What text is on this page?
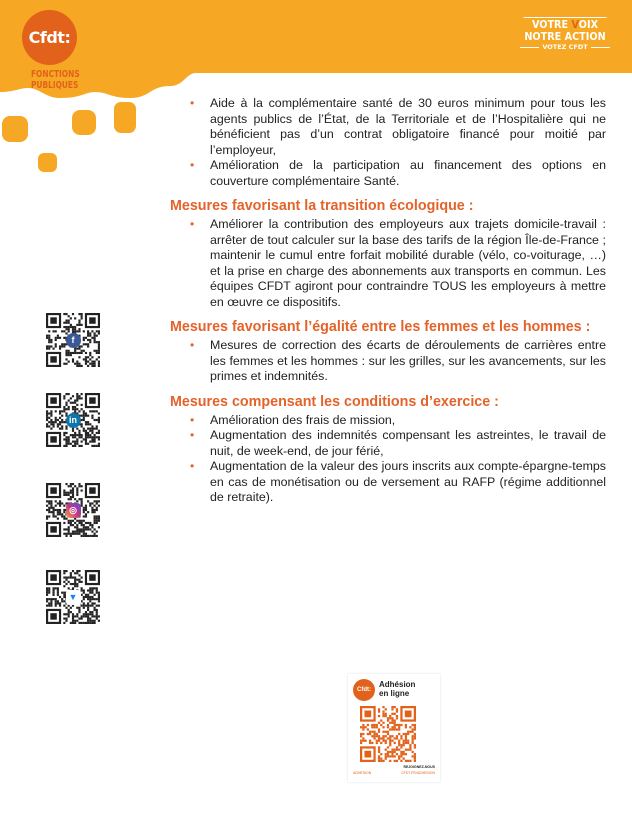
Cfdt:
FONCTIONS
PUBLIQUES
VOTRE VOIX
NOTRE ACTION
VOTEZ CFDT
• Aide à la complémentaire santé de 30 euros minimum pour tous les agents publics de l’État, de la Territoriale et de l’Hospitalière qui ne bénéficient pas d’un contrat obligatoire financé pour moitié par l’employeur,
• Amélioration de la participation au financement des options en couverture complémentaire Santé.
Mesures favorisant la transition écologique :
• Améliorer la contribution des employeurs aux trajets domicile-travail : arrêter de tout calculer sur la base des tarifs de la région Île-de-France ; maintenir le cumul entre forfait mobilité durable (vélo, co-voiturage, …) et la prise en charge des abonnements aux transports en commun. Les équipes CFDT agiront pour contraindre TOUS les employeurs à mettre en œuvre ce dispositifs.
Mesures favorisant l’égalité entre les femmes et les hommes :
• Mesures de correction des écarts de déroulements de carrières entre les femmes et les hommes : sur les grilles, sur les avancements, sur les primes et indemnités.
Mesures compensant les conditions d’exercice :
• Amélioration des frais de mission,
• Augmentation des indemnités compensant les astreintes, le travail de nuit, de week-end, de jour férié,
• Augmentation de la valeur des jours inscrits aux compte-épargne-temps en cas de monétisation ou de versement au RAFP (régime additionnel de retraite).
f
in
◎
▼
Cfdt:
Adhésion
en ligne
REJOIGNEZ-NOUS
CFDT.FR/ADHESION
ADHÉSION
